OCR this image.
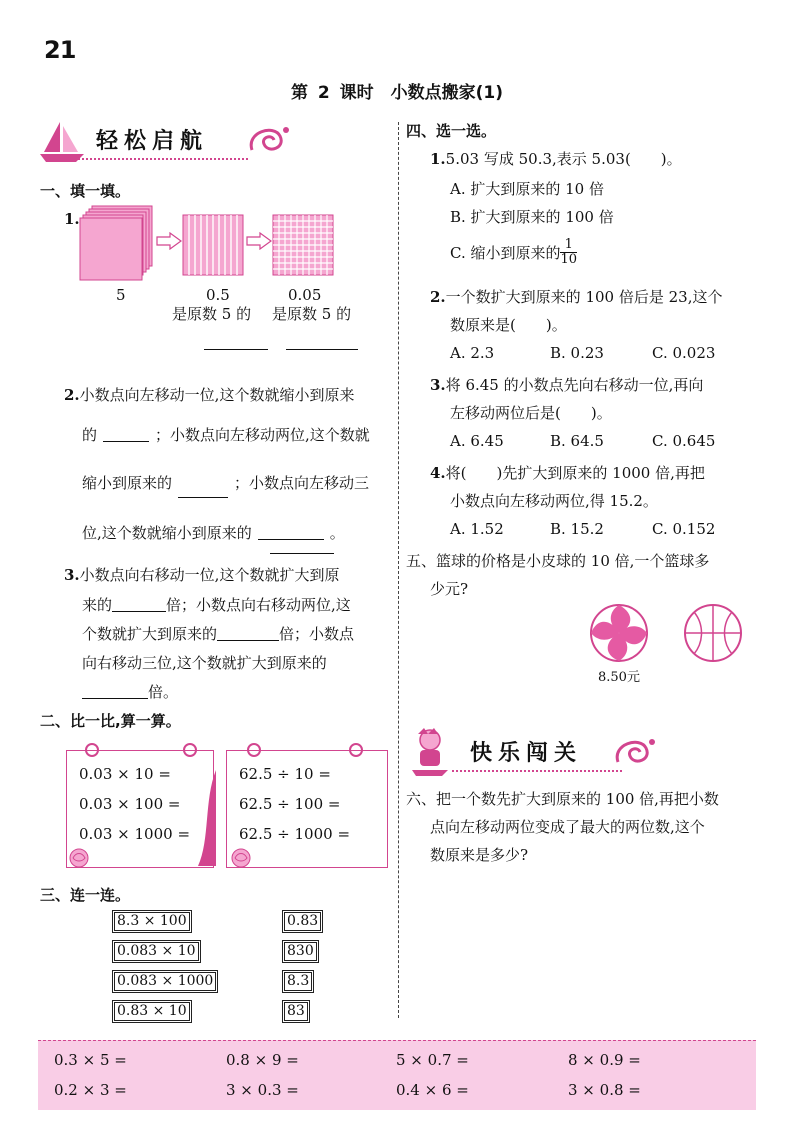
21
第 2 课时　小数点搬家(1)
轻松启航
一、填一填。
1.
5	0.5	0.05
是原数 5 的 是原数 5 的
2.小数点向左移动一位,这个数就缩小到原来
的	；小数点向左移动两位,这个数就
缩小到原来的	；小数点向左移动三
位,这个数就缩小到原来的	。
3.小数点向右移动一位,这个数就扩大到原
来的	倍；小数点向右移动两位,这
个数就扩大到原来的	倍；小数点
向右移动三位,这个数就扩大到原来的
倍。
二、比一比,算一算。
0.03 × 10 =
0.03 × 100 =
0.03 × 1000 =
62.5 ÷ 10 =
62.5 ÷ 100 =
62.5 ÷ 1000 =
三、连一连。
8.3 × 100
0.083 × 10
0.083 × 1000
0.83 × 10
0.83
830
8.3
83
四、选一选。
1.5.03 写成 50.3,表示 5.03(　　)。
A. 扩大到原来的 10 倍
B. 扩大到原来的 100 倍
C. 缩小到原来的 $\frac{1}{10}$
2.一个数扩大到原来的 100 倍后是 23,这个
数原来是(　　)。
A. 2.3	B. 0.23	C. 0.023
3.将 6.45 的小数点先向右移动一位,再向
左移动两位后是(　　)。
A. 6.45	B. 64.5	C. 0.645
4.将(　　)先扩大到原来的 1000 倍,再把
小数点向左移动两位,得 15.2。
A. 1.52	B. 15.2	C. 0.152
五、篮球的价格是小皮球的 10 倍,一个篮球多
少元?
8.50元
快乐闯关
六、把一个数先扩大到原来的 100 倍,再把小数
点向左移动两位变成了最大的两位数,这个
数原来是多少?
0.3 × 5 =	0.8 × 9 =	5 × 0.7 =	8 × 0.9 =
0.2 × 3 =	3 × 0.3 =	0.4 × 6 =	3 × 0.8 =
